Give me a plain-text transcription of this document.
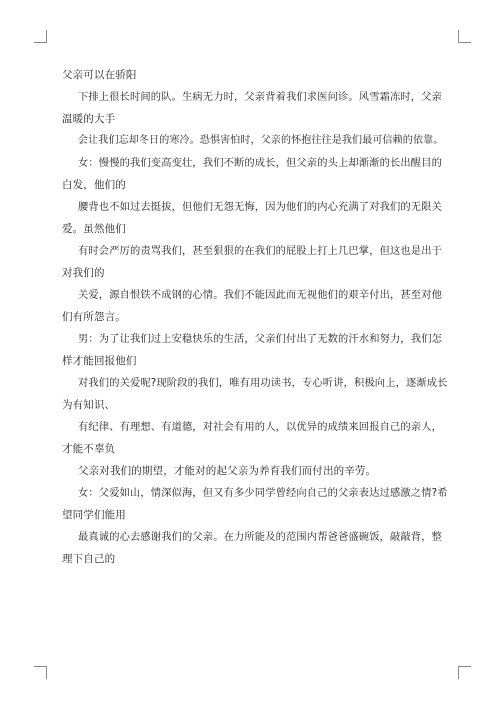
父亲可以在骄阳
下排上很长时间的队。生病无力时，父亲背着我们求医问诊。风雪霜冻时，父亲
温暖的大手
会让我们忘却冬日的寒冷。恐惧害怕时，父亲的怀抱往往是我们最可信赖的依靠。
女：慢慢的我们变高变壮，我们不断的成长，但父亲的头上却渐渐的长出醒目的
白发，他们的
腰背也不如过去挺拔，但他们无怨无悔，因为他们的内心充满了对我们的无限关
爱。虽然他们
有时会严厉的责骂我们，甚至狠狠的在我们的屁股上打上几巴掌，但这也是出于
对我们的
关爱，源自恨铁不成钢的心情。我们不能因此而无视他们的艰辛付出，甚至对他
们有所怨言。
男：为了让我们过上安稳快乐的生活，父亲们付出了无数的汗水和努力，我们怎
样才能回报他们
对我们的关爱呢?现阶段的我们，唯有用功读书，专心听讲，积极向上，逐渐成长
为有知识、
有纪律、有理想、有道德，对社会有用的人，以优异的成绩来回报自己的亲人，
才能不辜负
父亲对我们的期望，才能对的起父亲为养育我们而付出的辛劳。
女：父爱如山，情深似海，但又有多少同学曾经向自己的父亲表达过感激之情?希
望同学们能用
最真诚的心去感谢我们的父亲。在力所能及的范围内帮爸爸盛碗饭，敲敲背，整
理下自己的
